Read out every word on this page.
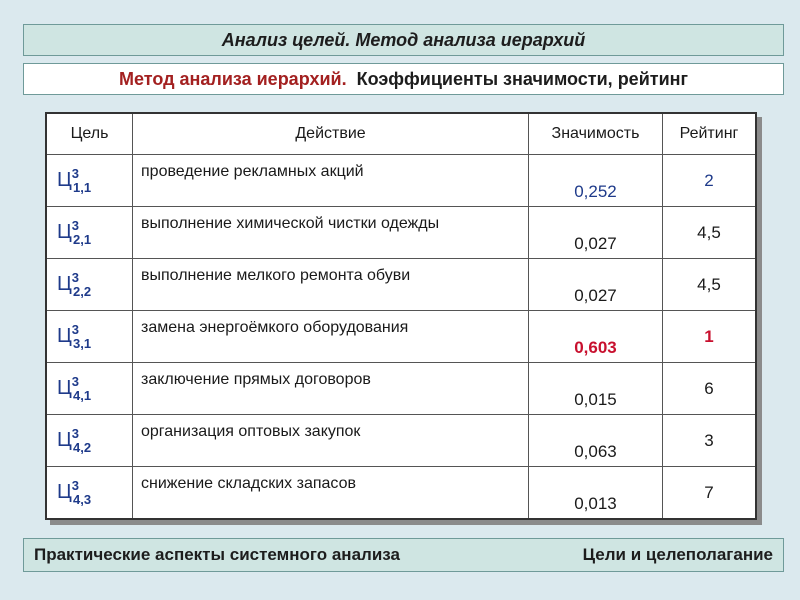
Анализ целей. Метод анализа иерархий
Метод анализа иерархий. Коэффициенты значимости, рейтинг
Цель	Действие	Значимость	Рейтинг
$Ц^3_{1,1}$	проведение рекламных акций	0,252	2
$Ц^3_{2,1}$	выполнение химической чистки одежды	0,027	4,5
$Ц^3_{2,2}$	выполнение мелкого ремонта обуви	0,027	4,5
$Ц^3_{3,1}$	замена энергоёмкого оборудования	0,603	1
$Ц^3_{4,1}$	заключение прямых договоров	0,015	6
$Ц^3_{4,2}$	организация оптовых закупок	0,063	3
$Ц^3_{4,3}$	снижение складских запасов	0,013	7
Практические аспекты системного анализа	Цели и целеполагание
